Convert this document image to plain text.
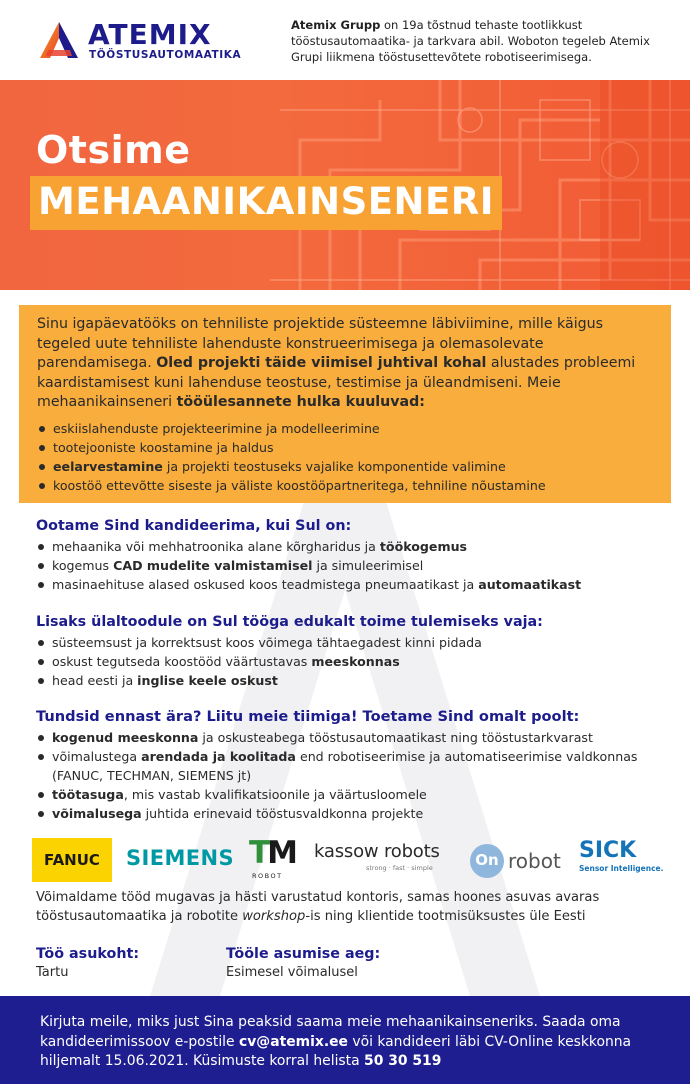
ATEMIX
TÖÖSTUSAUTOMAATIKA
Atemix Grupp on 19a tõstnud tehaste tootlikkust tööstusautomaatika- ja tarkvara abil. Woboton tegeleb Atemix Grupi liikmena tööstusettevõtete robotiseerimisega.
Otsime
MEHAANIKAINSENERI

Sinu igapäevatööks on tehniliste projektide süsteemne läbiviimine, mille käigus tegeled uute tehniliste lahenduste konstrueerimisega ja olemasolevate parendamisega. Oled projekti täide viimisel juhtival kohal alustades probleemi kaardistamisest kuni lahenduse teostuse, testimise ja üleandmiseni. Meie mehaanikainseneri tööülesannete hulka kuuluvad:

eskiislahenduste projekteerimine ja modelleerimine
tootejooniste koostamine ja haldus
eelarvestamine ja projekti teostuseks vajalike komponentide valimine
koostöö ettevõtte siseste ja väliste koostööpartneritega, tehniline nõustamine
Ootame Sind kandideerima, kui Sul on:
mehaanika või mehhatroonika alane kõrgharidus ja töökogemus
kogemus CAD mudelite valmistamisel ja simuleerimisel
masinaehituse alased oskused koos teadmistega pneumaatikast ja automaatikast
Lisaks ülaltoodule on Sul tööga edukalt toime tulemiseks vaja:
süsteemsust ja korrektsust koos võimega tähtaegadest kinni pidada
oskust tegutseda koostööd väärtustavas meeskonnas
head eesti ja inglise keele oskust
Tundsid ennast ära? Liitu meie tiimiga! Toetame Sind omalt poolt:
kogenud meeskonna ja oskusteabega tööstusautomaatikast ning tööstustarkvarast
võimalustega arendada ja koolitada end robotiseerimise ja automatiseerimise valdkonnas (FANUC, TECHMAN, SIEMENS jt)
töötasuga, mis vastab kvalifikatsioonile ja väärtusloomele
võimalusega juhtida erinevaid tööstusvaldkonna projekte
FANUC	SIEMENS TM
ROBOT
kassow robots
strong · fast · simple	On robot SICK
Sensor Intelligence.
Võimaldame tööd mugavas ja hästi varustatud kontoris, samas hoones asuvas avaras tööstusautomaatika ja robotite workshop-is ning klientide tootmisüksustes üle Eesti
Töö asukoht:
Tartu
Tööle asumise aeg:
Esimesel võimalusel

Kirjuta meile, miks just Sina peaksid saama meie mehaanikainseneriks. Saada oma kandideerimissoov e-postile cv@atemix.ee või kandideeri läbi CV-Online keskkonna hiljemalt 15.06.2021. Küsimuste korral helista 50 30 519
